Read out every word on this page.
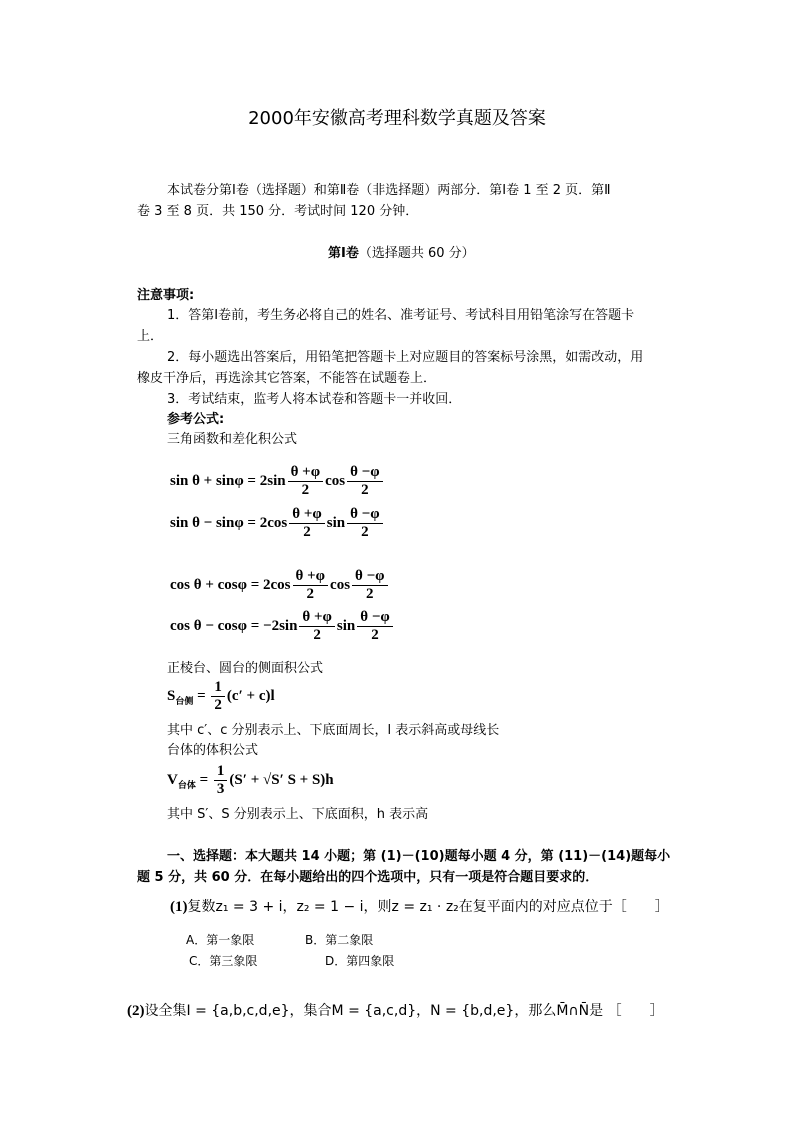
2000年安徽高考理科数学真题及答案
本试卷分第Ⅰ卷（选择题）和第Ⅱ卷（非选择题）两部分．第Ⅰ卷 1 至 2 页．第Ⅱ
卷 3 至 8 页．共 150 分．考试时间 120 分钟．
第Ⅰ卷（选择题共 60 分）
注意事项:
1．答第Ⅰ卷前，考生务必将自己的姓名、准考证号、考试科目用铅笔涂写在答题卡
上．
2．每小题选出答案后，用铅笔把答题卡上对应题目的答案标号涂黑，如需改动，用
橡皮干净后，再选涂其它答案，不能答在试题卷上．
3．考试结束，监考人将本试卷和答题卡一并收回．
参考公式:
三角函数和差化积公式
$\sin \theta + \sin\varphi = 2\sin \frac{\theta +\varphi}{2}$ $\cos \frac{\theta -\varphi}{2}$
$\sin \theta - \sin\varphi = 2\cos \frac{\theta +\varphi}{2}$ $\sin \frac{\theta -\varphi}{2}$
$\cos \theta + \cos\varphi = 2\cos \frac{\theta +\varphi}{2}$ $\cos \frac{\theta -\varphi}{2}$
$\cos \theta - \cos\varphi = -2\sin \frac{\theta +\varphi}{2}$ $\sin \frac{\theta -\varphi}{2}$
正棱台、圆台的侧面积公式
$S_{台侧} = \frac{1}{2} (c' + c)l$
其中 c′、c 分别表示上、下底面周长，l 表示斜高或母线长
台体的体积公式
$V_{台体} = \frac{1}{3} (S' + √S'$ S + S)h
其中 S′、S 分别表示上、下底面积，h 表示高
一、选择题：本大题共 14 小题；第 (1)－(10)题每小题 4 分，第 (11)－(14)题每小
题 5 分，共 60 分．在每小题给出的四个选项中，只有一项是符合题目要求的．
(1)复数z₁ = 3 + i，z₂ = 1 − i，则z = z₁ · z₂在复平面内的对应点位于［　　］
A．第一象限	B．第二象限
C．第三象限	D．第四象限
(2)设全集I = {a,b,c,d,e}，集合M = {a,c,d}，N = {b,d,e}，那么M̄∩N̄是 ［　　］
